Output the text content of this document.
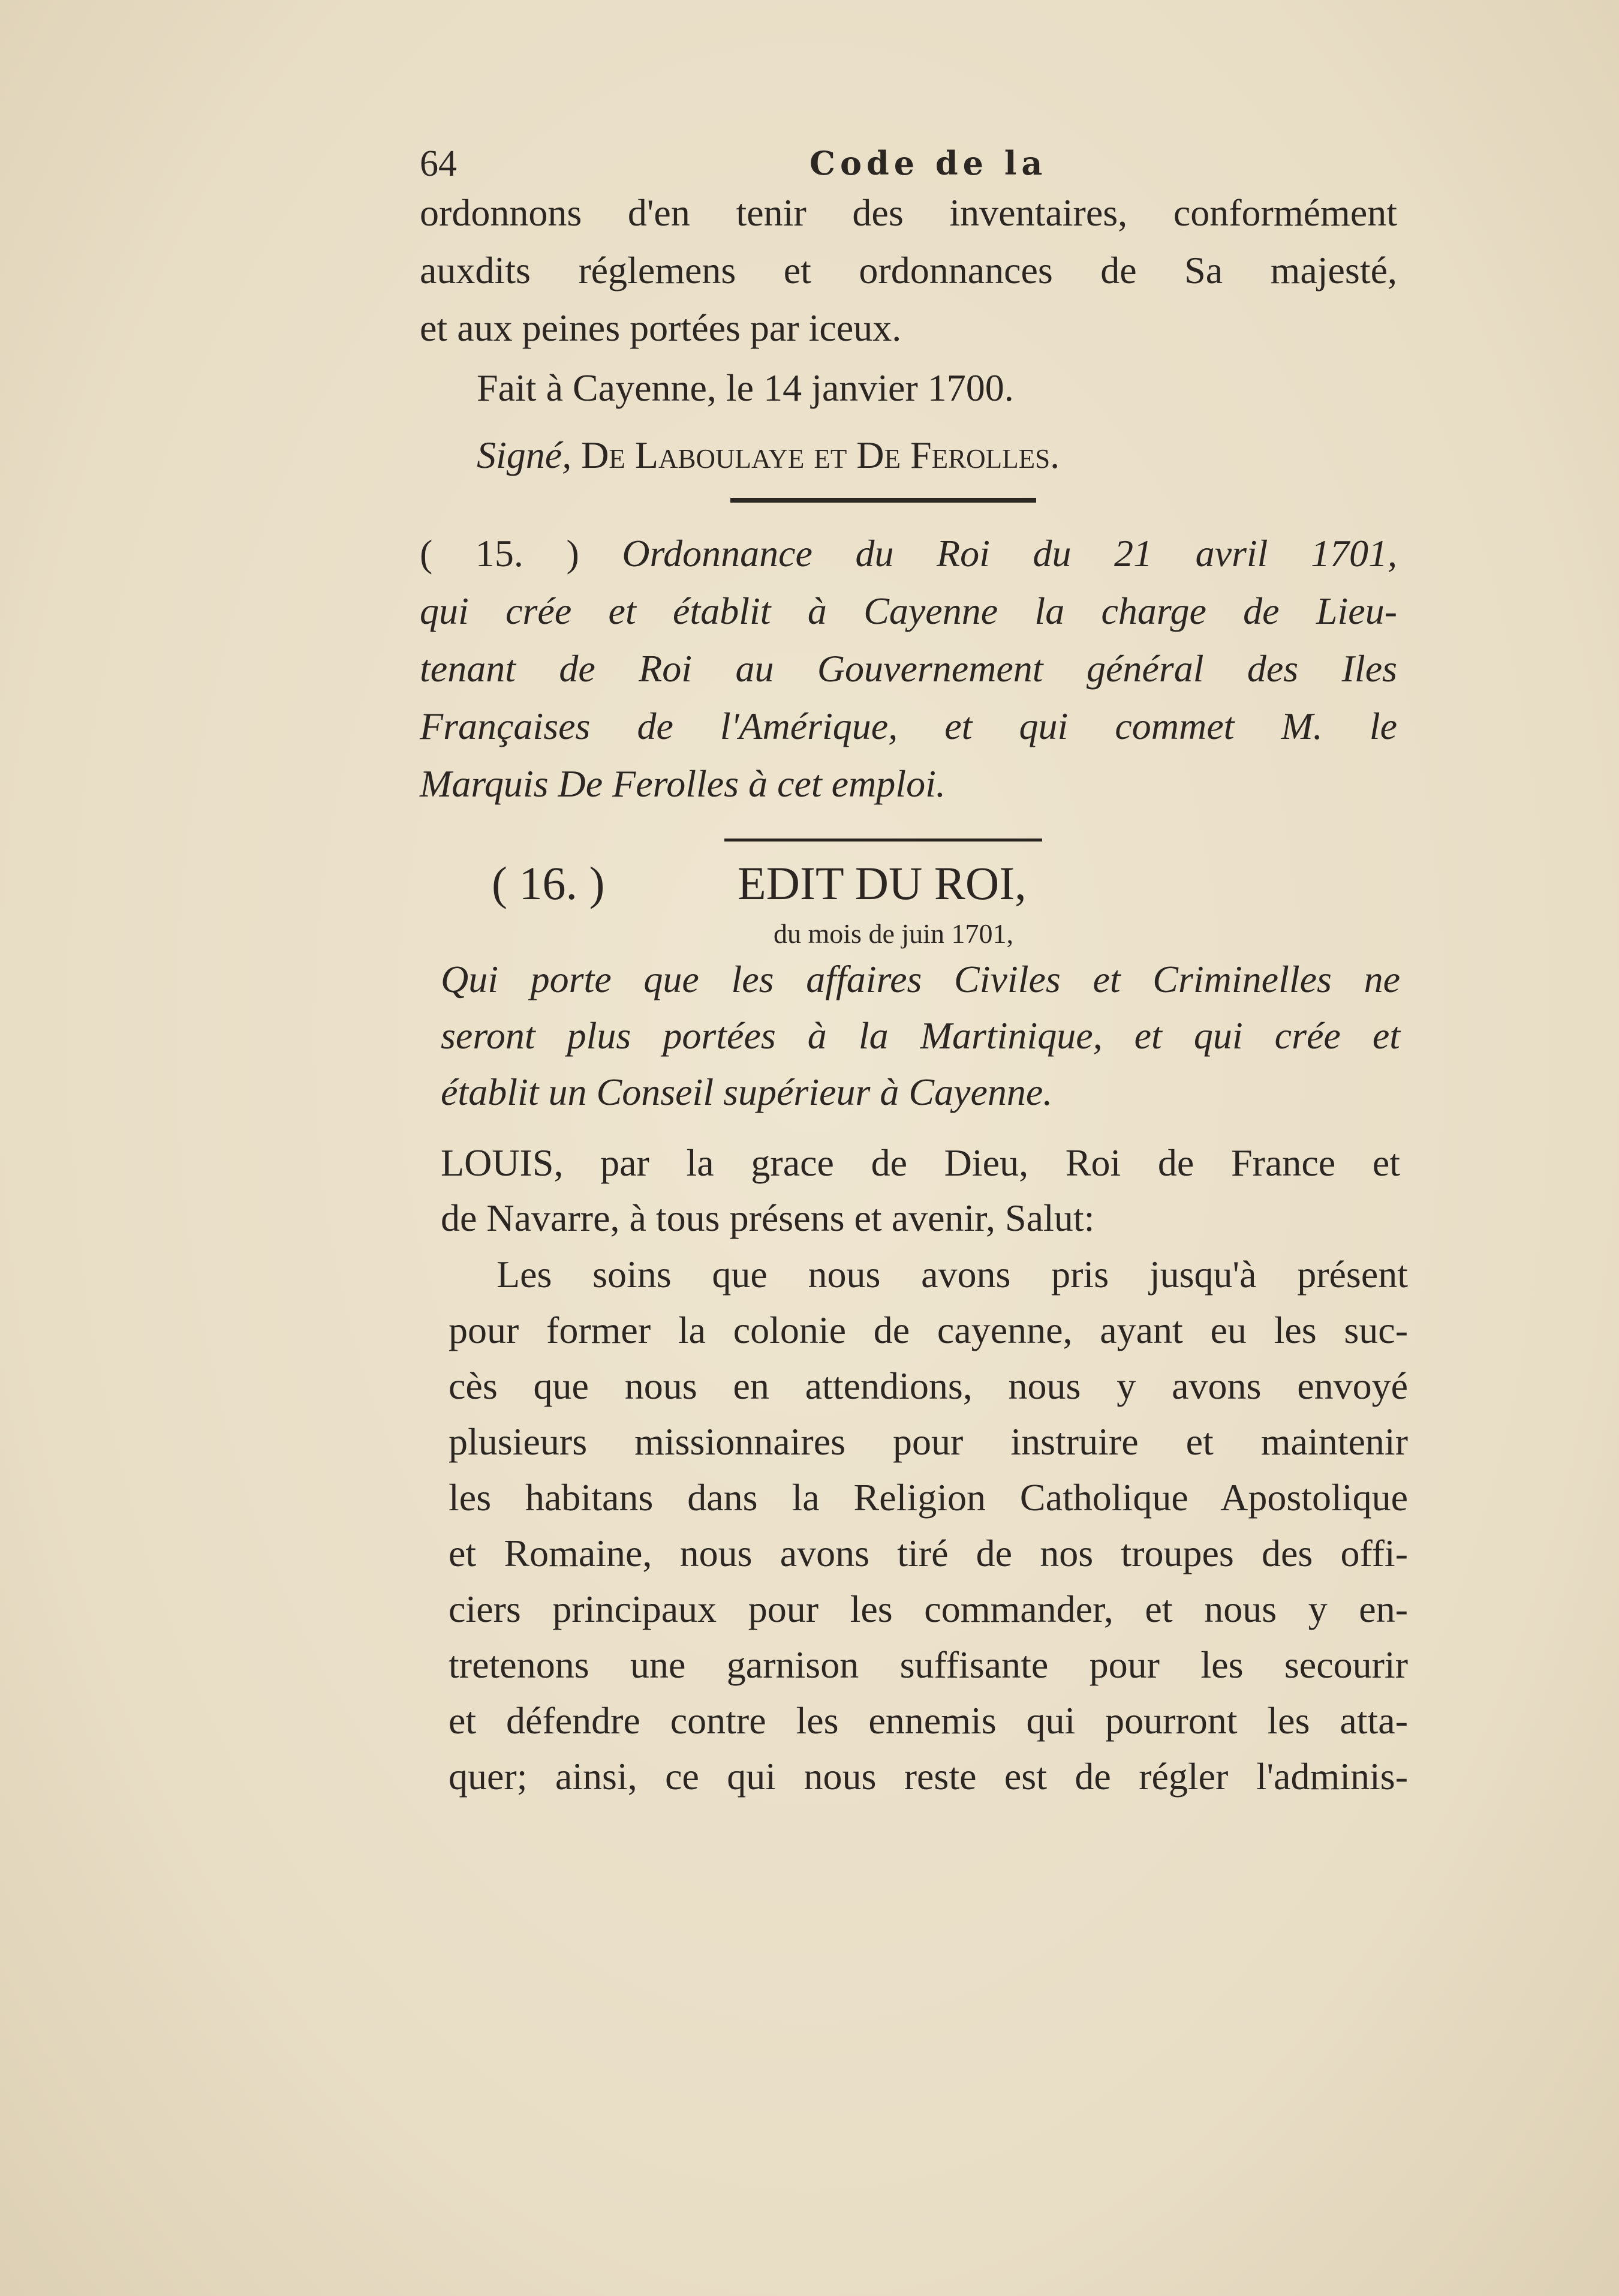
64	Code de la
ordonnons d'en tenir des inventaires, conformément
auxdits réglemens et ordonnances de Sa majesté,
et aux peines portées par iceux.
Fait à Cayenne, le 14 janvier 1700.
Signé, De Laboulaye et De Ferolles.
( 15. ) Ordonnance du Roi du 21 avril 1701,
qui crée et établit à Cayenne la charge de Lieu-
tenant de Roi au Gouvernement général des Iles
Françaises de l'Amérique, et qui commet M. le
Marquis De Ferolles à cet emploi.
( 16. )	EDIT DU ROI,
du mois de juin 1701,
Qui porte que les affaires Civiles et Criminelles ne
seront plus portées à la Martinique, et qui crée et
établit un Conseil supérieur à Cayenne.
LOUIS, par la grace de Dieu, Roi de France et
de Navarre, à tous présens et avenir, Salut:
Les soins que nous avons pris jusqu'à présent
pour former la colonie de cayenne, ayant eu les suc-
cès que nous en attendions, nous y avons envoyé
plusieurs missionnaires pour instruire et maintenir
les habitans dans la Religion Catholique Apostolique
et Romaine, nous avons tiré de nos troupes des offi-
ciers principaux pour les commander, et nous y en-
tretenons une garnison suffisante pour les secourir
et défendre contre les ennemis qui pourront les atta-
quer; ainsi, ce qui nous reste est de régler l'adminis-
